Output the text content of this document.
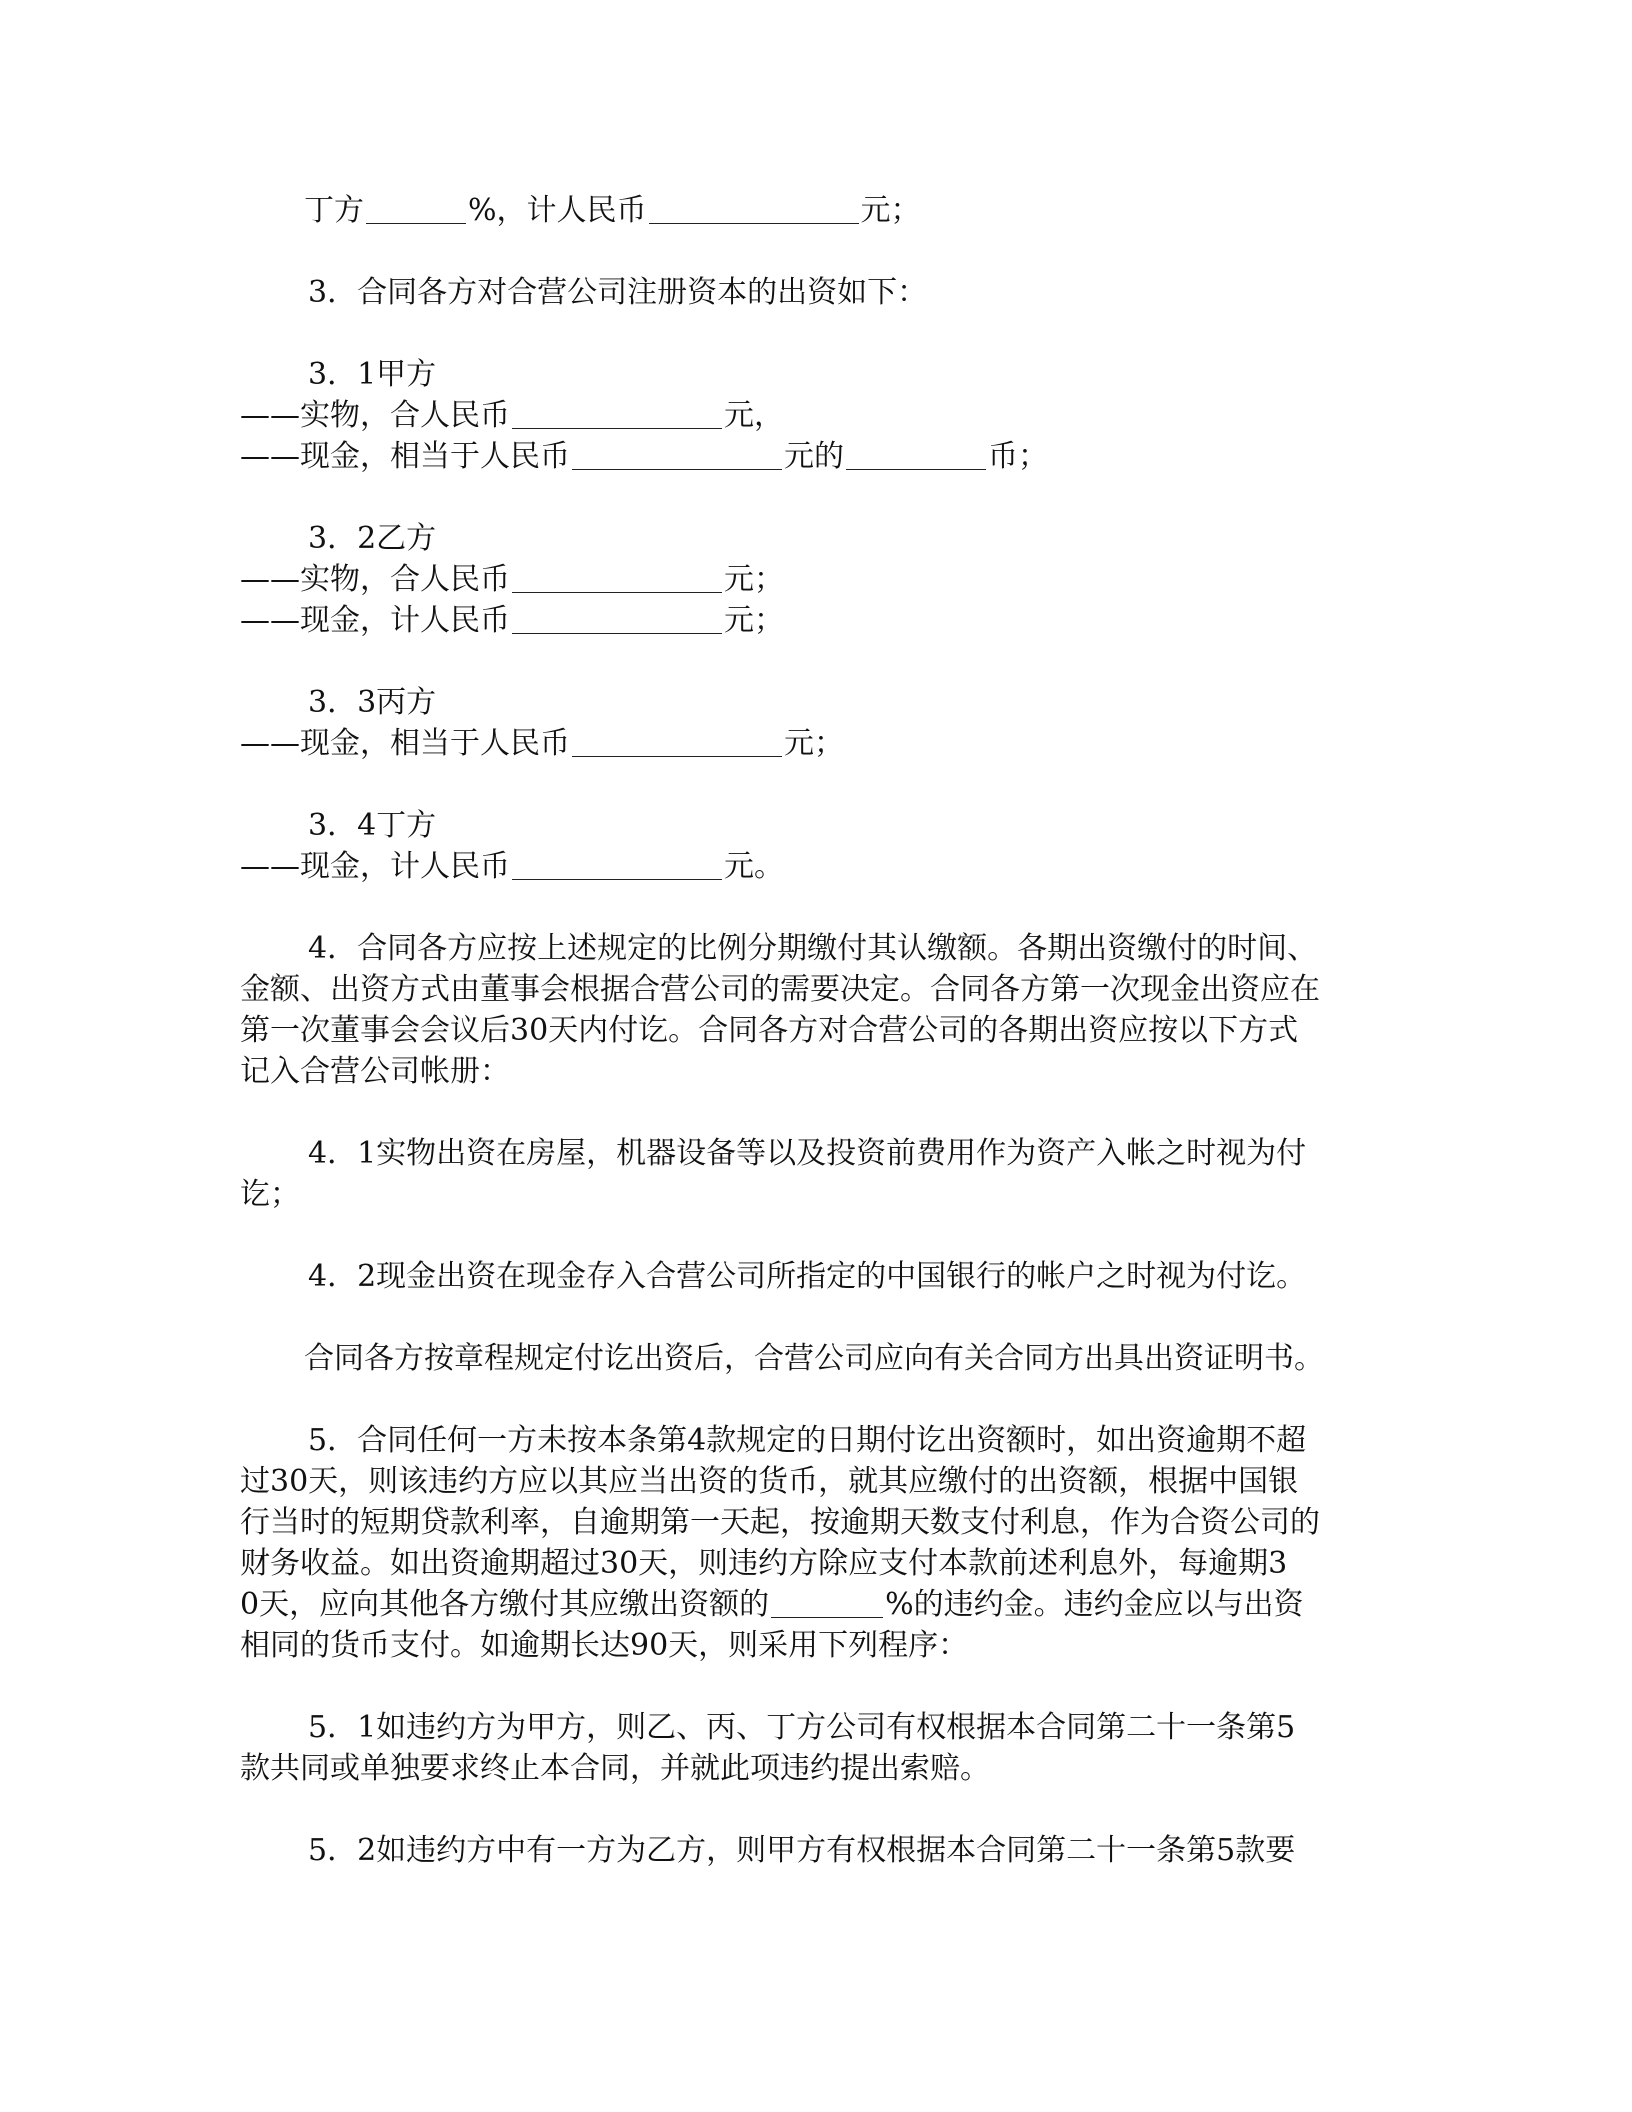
丁方	%，计人民币	元；
3．合同各方对合营公司注册资本的出资如下：
3．1甲方
——实物，合人民币	元，
——现金，相当于人民币	元的	币；
3．2乙方
——实物，合人民币	元；
——现金，计人民币	元；
3．3丙方
——现金，相当于人民币	元；
3．4丁方
——现金，计人民币	元。
4．合同各方应按上述规定的比例分期缴付其认缴额。各期出资缴付的时间、
金额、出资方式由董事会根据合营公司的需要决定。合同各方第一次现金出资应在
第一次董事会会议后30天内付讫。合同各方对合营公司的各期出资应按以下方式
记入合营公司帐册：
4．1实物出资在房屋，机器设备等以及投资前费用作为资产入帐之时视为付
讫；
4．2现金出资在现金存入合营公司所指定的中国银行的帐户之时视为付讫。
合同各方按章程规定付讫出资后，合营公司应向有关合同方出具出资证明书。
5．合同任何一方未按本条第4款规定的日期付讫出资额时，如出资逾期不超
过30天，则该违约方应以其应当出资的货币，就其应缴付的出资额，根据中国银
行当时的短期贷款利率，自逾期第一天起，按逾期天数支付利息，作为合资公司的
财务收益。如出资逾期超过30天，则违约方除应支付本款前述利息外，每逾期3
0天，应向其他各方缴付其应缴出资额的	%的违约金。违约金应以与出资
相同的货币支付。如逾期长达90天，则采用下列程序：
5．1如违约方为甲方，则乙、丙、丁方公司有权根据本合同第二十一条第5
款共同或单独要求终止本合同，并就此项违约提出索赔。
5．2如违约方中有一方为乙方，则甲方有权根据本合同第二十一条第5款要
